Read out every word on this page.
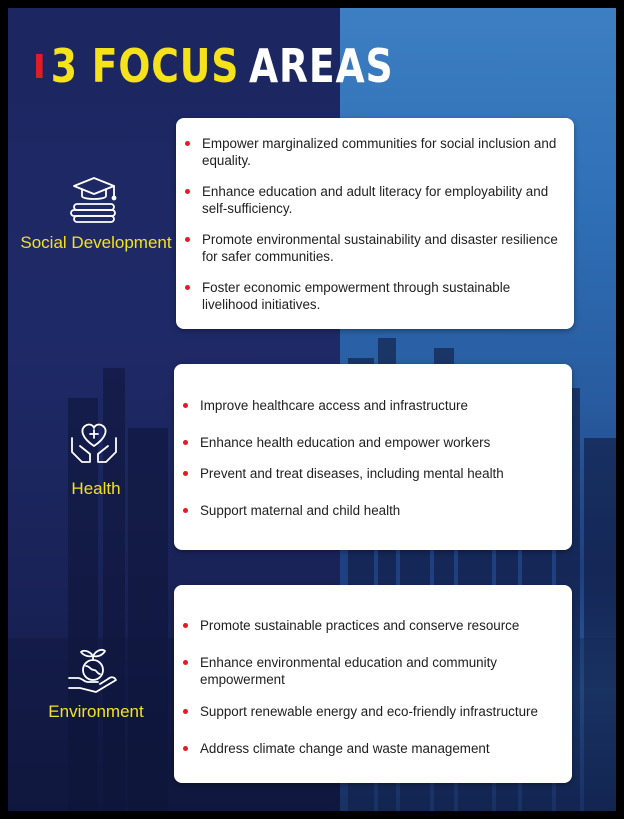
3 FOCUS AREAS
Social Development
Empower marginalized communities for social inclusion and equality.
Enhance education and adult literacy for employability and self-sufficiency.
Promote environmental sustainability and disaster resilience for safer communities.
Foster economic empowerment through sustainable livelihood initiatives.
Health
Improve healthcare access and infrastructure
Enhance health education and empower workers
Prevent and treat diseases, including mental health
Support maternal and child health
Environment
Promote sustainable practices and conserve resource
Enhance environmental education and community empowerment
Support renewable energy and eco-friendly infrastructure
Address climate change and waste management
